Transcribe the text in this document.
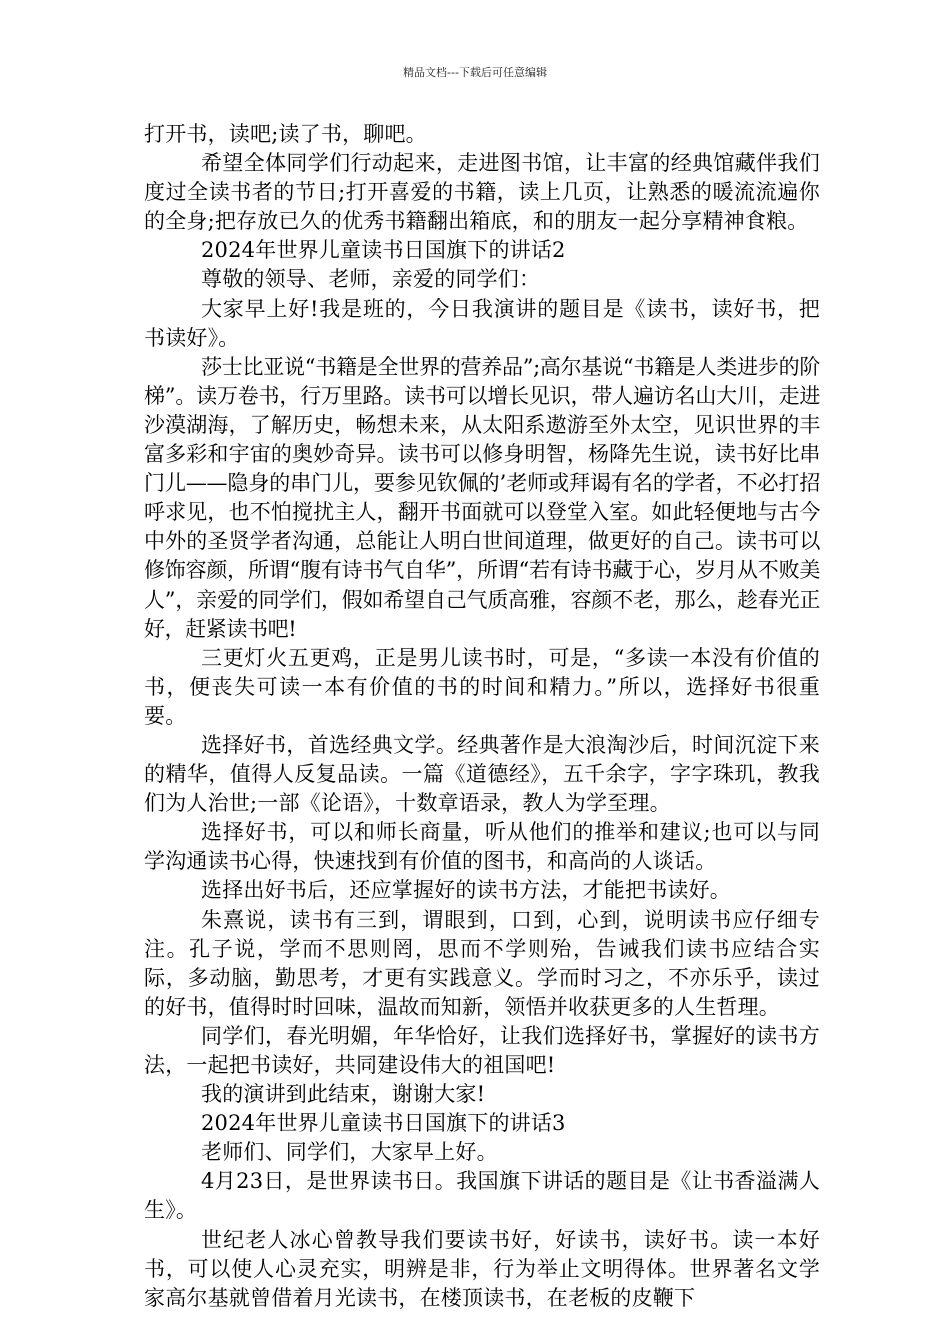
精品文档---下载后可任意编辑

打开书，读吧;读了书，聊吧。

希望全体同学们行动起来，走进图书馆，让丰富的经典馆藏伴我们度过全读书者的节日;打开喜爱的书籍，读上几页，让熟悉的暖流流遍你的全身;把存放已久的优秀书籍翻出箱底，和的朋友一起分享精神食粮。

2024年世界儿童读书日国旗下的讲话2

尊敬的领导、老师，亲爱的同学们：

大家早上好!我是班的，今日我演讲的题目是《读书，读好书，把书读好》。

莎士比亚说“书籍是全世界的营养品”;高尔基说“书籍是人类进步的阶梯”。读万卷书，行万里路。读书可以增长见识，带人遍访名山大川，走进沙漠湖海，了解历史，畅想未来，从太阳系遨游至外太空，见识世界的丰富多彩和宇宙的奥妙奇异。读书可以修身明智，杨降先生说，读书好比串门儿——隐身的串门儿，要参见钦佩的’老师或拜谒有名的学者，不必打招呼求见，也不怕搅扰主人，翻开书面就可以登堂入室。如此轻便地与古今中外的圣贤学者沟通，总能让人明白世间道理，做更好的自己。读书可以修饰容颜，所谓“腹有诗书气自华”，所谓“若有诗书藏于心，岁月从不败美人”，亲爱的同学们，假如希望自己气质高雅，容颜不老，那么，趁春光正好，赶紧读书吧!

三更灯火五更鸡，正是男儿读书时，可是，“多读一本没有价值的书，便丧失可读一本有价值的书的时间和精力。”所以，选择好书很重要。

选择好书，首选经典文学。经典著作是大浪淘沙后，时间沉淀下来的精华，值得人反复品读。一篇《道德经》，五千余字，字字珠玑，教我们为人治世;一部《论语》，十数章语录，教人为学至理。

选择好书，可以和师长商量，听从他们的推举和建议;也可以与同学沟通读书心得，快速找到有价值的图书，和高尚的人谈话。

选择出好书后，还应掌握好的读书方法，才能把书读好。

朱熹说，读书有三到，谓眼到，口到，心到，说明读书应仔细专注。孔子说，学而不思则罔，思而不学则殆，告诫我们读书应结合实际，多动脑，勤思考，才更有实践意义。学而时习之，不亦乐乎，读过的好书，值得时时回味，温故而知新，领悟并收获更多的人生哲理。

同学们，春光明媚，年华恰好，让我们选择好书，掌握好的读书方法，一起把书读好，共同建设伟大的祖国吧!

我的演讲到此结束，谢谢大家!

2024年世界儿童读书日国旗下的讲话3

老师们、同学们，大家早上好。

4月23日，是世界读书日。我国旗下讲话的题目是《让书香溢满人生》。

世纪老人冰心曾教导我们要读书好，好读书，读好书。读一本好书，可以使人心灵充实，明辨是非，行为举止文明得体。世界著名文学家高尔基就曾借着月光读书，在楼顶读书，在老板的皮鞭下
